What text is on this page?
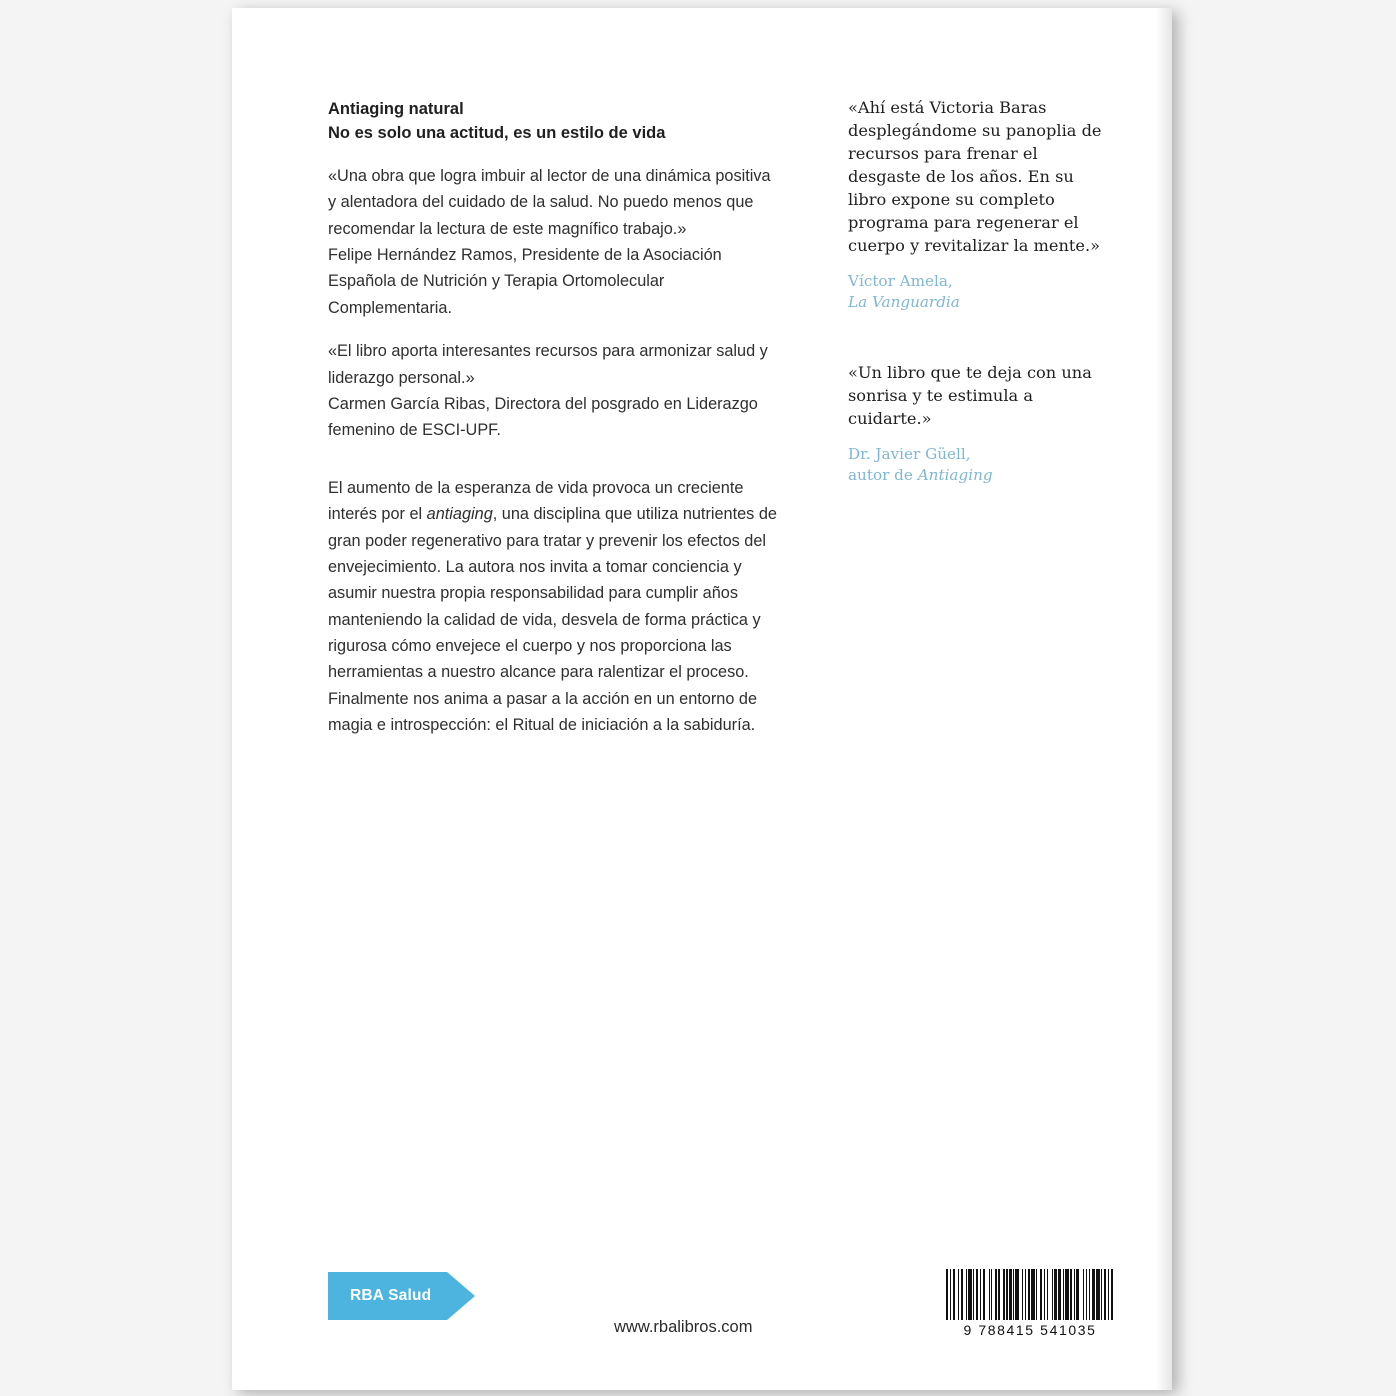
Antiaging natural
No es solo una actitud, es un estilo de vida
«Una obra que logra imbuir al lector de una dinámica positiva y alentadora del cuidado de la salud. No puedo menos que recomendar la lectura de este magnífico trabajo.»
Felipe Hernández Ramos, Presidente de la Asociación Española de Nutrición y Terapia Ortomolecular Complementaria.
«El libro aporta interesantes recursos para armonizar salud y liderazgo personal.»
Carmen García Ribas, Directora del posgrado en Liderazgo femenino de ESCI-UPF.
El aumento de la esperanza de vida provoca un creciente interés por el antiaging, una disciplina que utiliza nutrientes de gran poder regenerativo para tratar y prevenir los efectos del envejecimiento. La autora nos invita a tomar conciencia y asumir nuestra propia responsabilidad para cumplir años manteniendo la calidad de vida, desvela de forma práctica y rigurosa cómo envejece el cuerpo y nos proporciona las herramientas a nuestro alcance para ralentizar el proceso. Finalmente nos anima a pasar a la acción en un entorno de magia e introspección: el Ritual de iniciación a la sabiduría.
«Ahí está Victoria Baras desplegándome su panoplia de recursos para frenar el desgaste de los años. En su libro expone su completo programa para regenerar el cuerpo y revitalizar la mente.»
Víctor Amela,
La Vanguardia
«Un libro que te deja con una sonrisa y te estimula a cuidarte.»
Dr. Javier Güell,
autor de Antiaging
RBA Salud
www.rbalibros.com	9 788415 541035
